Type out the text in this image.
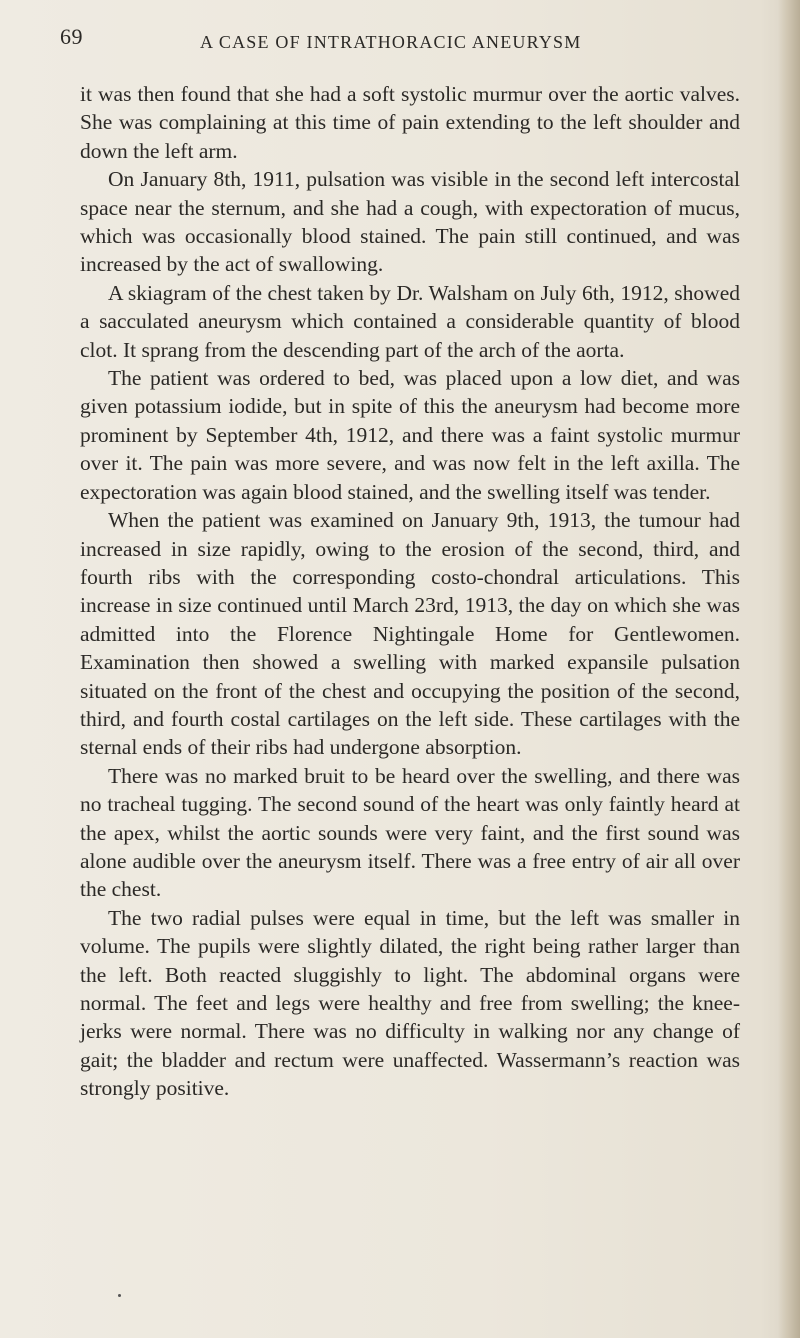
69	A CASE OF INTRATHORACIC ANEURYSM

it was then found that she had a soft systolic murmur over the aortic valves. She was complaining at this time of pain extending to the left shoulder and down the left arm.

On January 8th, 1911, pulsation was visible in the second left intercostal space near the sternum, and she had a cough, with expectoration of mucus, which was occasionally blood stained. The pain still continued, and was increased by the act of swallowing.

A skiagram of the chest taken by Dr. Walsham on July 6th, 1912, showed a sacculated aneurysm which contained a considerable quantity of blood clot. It sprang from the descending part of the arch of the aorta.

The patient was ordered to bed, was placed upon a low diet, and was given potassium iodide, but in spite of this the aneurysm had become more prominent by September 4th, 1912, and there was a faint systolic murmur over it. The pain was more severe, and was now felt in the left axilla. The expectoration was again blood stained, and the swelling itself was tender.

When the patient was examined on January 9th, 1913, the tumour had increased in size rapidly, owing to the erosion of the second, third, and fourth ribs with the corresponding costo-chondral articulations. This increase in size continued until March 23rd, 1913, the day on which she was admitted into the Florence Nightingale Home for Gentlewomen. Examination then showed a swelling with marked expansile pulsation situated on the front of the chest and occupying the position of the second, third, and fourth costal cartilages on the left side. These cartilages with the sternal ends of their ribs had undergone absorption.

There was no marked bruit to be heard over the swelling, and there was no tracheal tugging. The second sound of the heart was only faintly heard at the apex, whilst the aortic sounds were very faint, and the first sound was alone audible over the aneurysm itself. There was a free entry of air all over the chest.

The two radial pulses were equal in time, but the left was smaller in volume. The pupils were slightly dilated, the right being rather larger than the left. Both reacted sluggishly to light. The abdominal organs were normal. The feet and legs were healthy and free from swelling; the knee-jerks were normal. There was no difficulty in walking nor any change of gait; the bladder and rectum were unaffected. Wassermann’s reaction was strongly positive.
